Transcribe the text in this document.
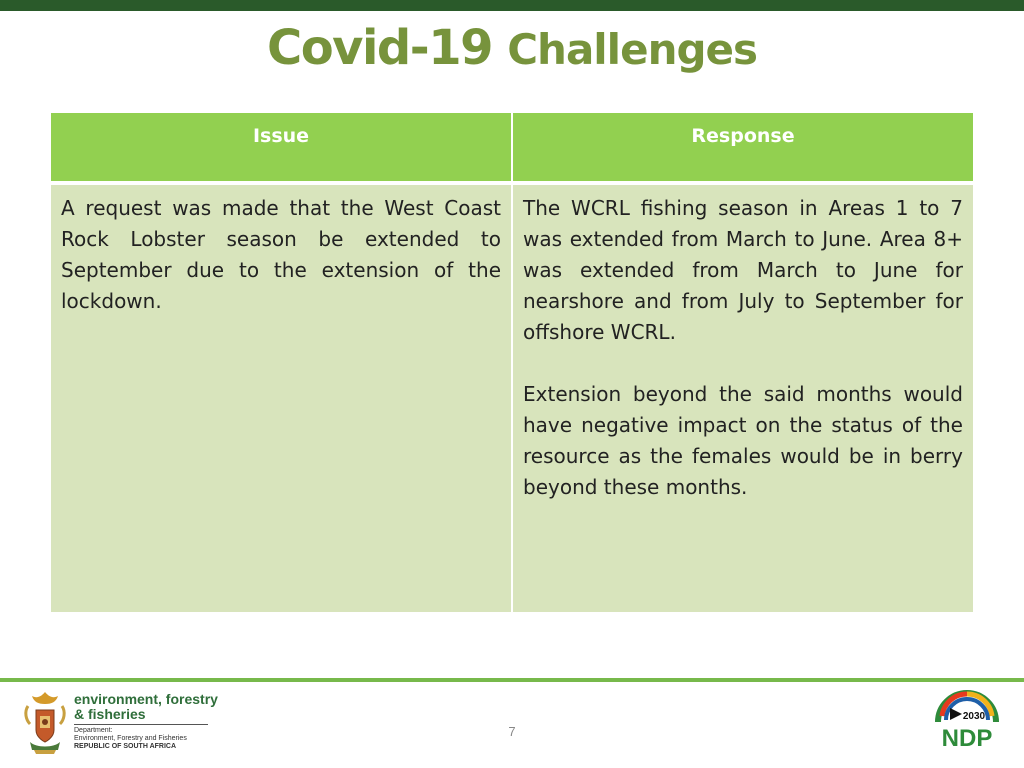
Covid-19 Challenges
Issue	Response

A request was made that the West Coast Rock Lobster season be extended to September due to the extension of the lockdown.	The WCRL fishing season in Areas 1 to 7 was extended from March to June. Area 8+ was extended from March to June for nearshore and from July to September for offshore WCRL.

Extension beyond the said months would have negative impact on the status of the resource as the females would be in berry beyond these months.

environment, forestry
& fisheries
Department:
Environment, Forestry and Fisheries
REPUBLIC OF SOUTH AFRICA
7
2030
NDP
